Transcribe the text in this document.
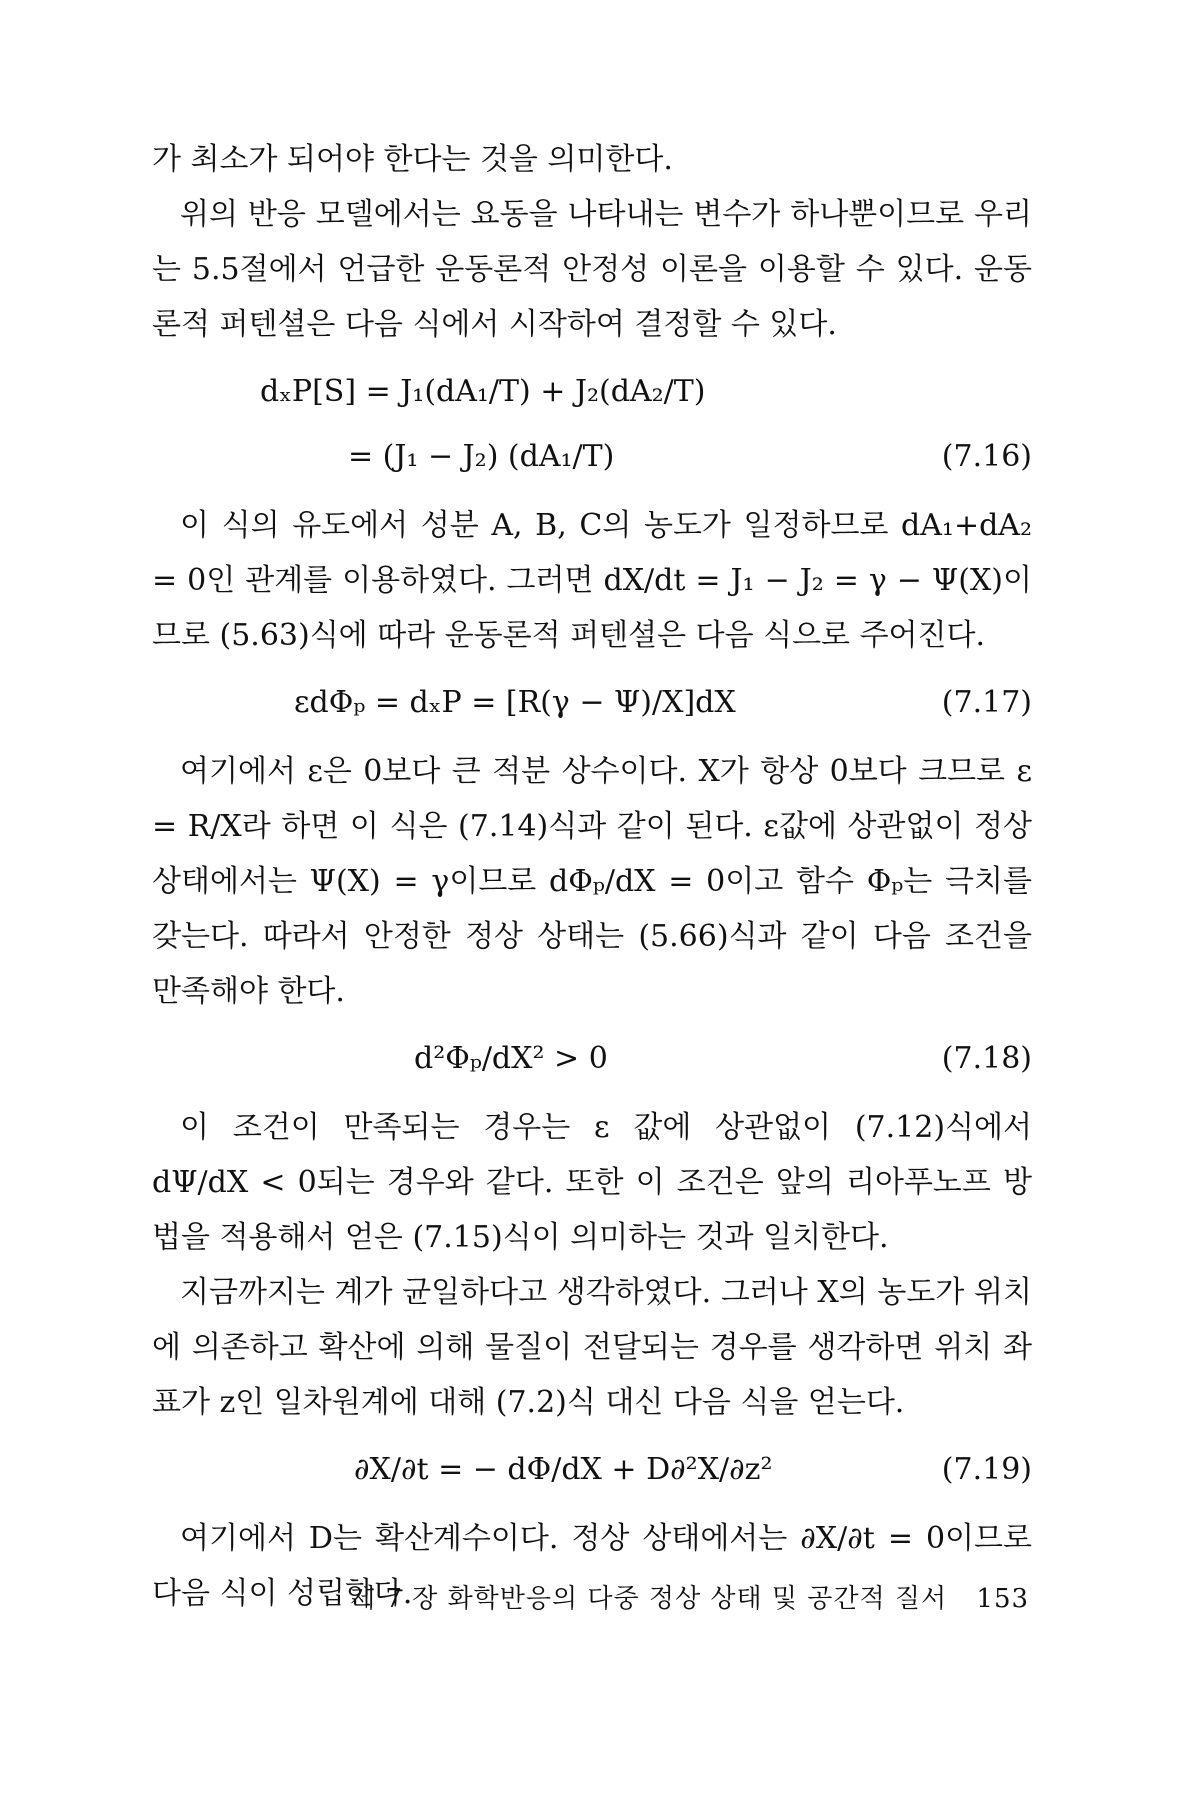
가 최소가 되어야 한다는 것을 의미한다.

위의 반응 모델에서는 요동을 나타내는 변수가 하나뿐이므로 우리는 5.5절에서 언급한 운동론적 안정성 이론을 이용할 수 있다. 운동론적 퍼텐셜은 다음 식에서 시작하여 결정할 수 있다.

dₓP[S] = J₁(dA₁/T) + J₂(dA₂/T)
= (J₁ − J₂) (dA₁/T)	(7.16)

이 식의 유도에서 성분 A, B, C의 농도가 일정하므로 dA₁+dA₂ = 0인 관계를 이용하였다. 그러면 dX/dt = J₁ − J₂ = γ − Ψ(X)이므로 (5.63)식에 따라 운동론적 퍼텐셜은 다음 식으로 주어진다.

εdΦₚ = dₓP = [R(γ − Ψ)/X]dX	(7.17)

여기에서 ε은 0보다 큰 적분 상수이다. X가 항상 0보다 크므로 ε = R/X라 하면 이 식은 (7.14)식과 같이 된다. ε값에 상관없이 정상 상태에서는 Ψ(X) = γ이므로 dΦₚ/dX = 0이고 함수 Φₚ는 극치를 갖는다. 따라서 안정한 정상 상태는 (5.66)식과 같이 다음 조건을 만족해야 한다.

d²Φₚ/dX² > 0	(7.18)

이 조건이 만족되는 경우는 ε 값에 상관없이 (7.12)식에서 dΨ/dX < 0되는 경우와 같다. 또한 이 조건은 앞의 리아푸노프 방법을 적용해서 얻은 (7.15)식이 의미하는 것과 일치한다.

지금까지는 계가 균일하다고 생각하였다. 그러나 X의 농도가 위치에 의존하고 확산에 의해 물질이 전달되는 경우를 생각하면 위치 좌표가 z인 일차원계에 대해 (7.2)식 대신 다음 식을 얻는다.

∂X/∂t = − dΦ/dX + D∂²X/∂z²	(7.19)

여기에서 D는 확산계수이다. 정상 상태에서는 ∂X/∂t = 0이므로 다음 식이 성립한다.

제 7 장 화학반응의 다중 정상 상태 및 공간적 질서 153
